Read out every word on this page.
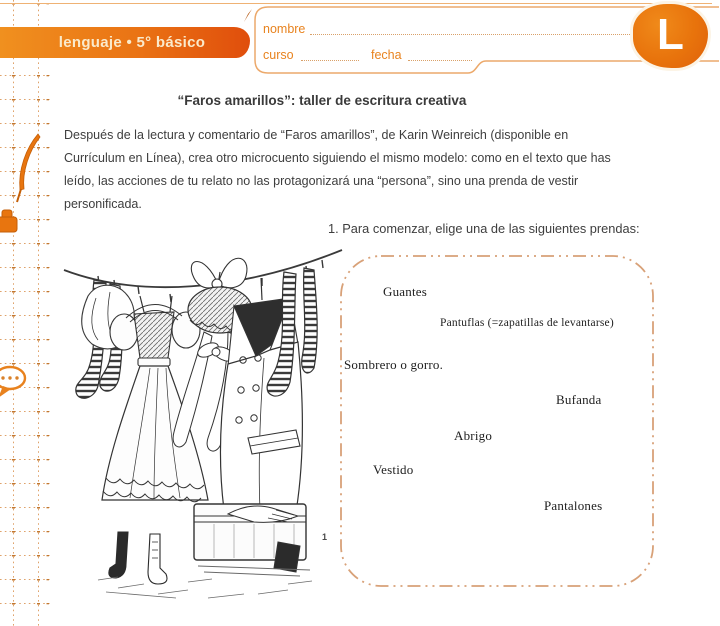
lenguaje • 5° básico
nombre
curso	fecha	L
“Faros amarillos”: taller de escritura creativa
Después de la lectura y comentario de “Faros amarillos”, de Karin Weinreich (disponible en Currículum en Línea), crea otro microcuento siguiendo el mismo modelo: como en el texto que has leído, las acciones de tu relato no las protagonizará una “persona”, sino una prenda de vestir personificada.
1. Para comenzar, elige una de las siguientes prendas:
1
Guantes
Pantuflas (=zapatillas de levantarse)
Sombrero o gorro.
Bufanda
Abrigo
Vestido
Pantalones
